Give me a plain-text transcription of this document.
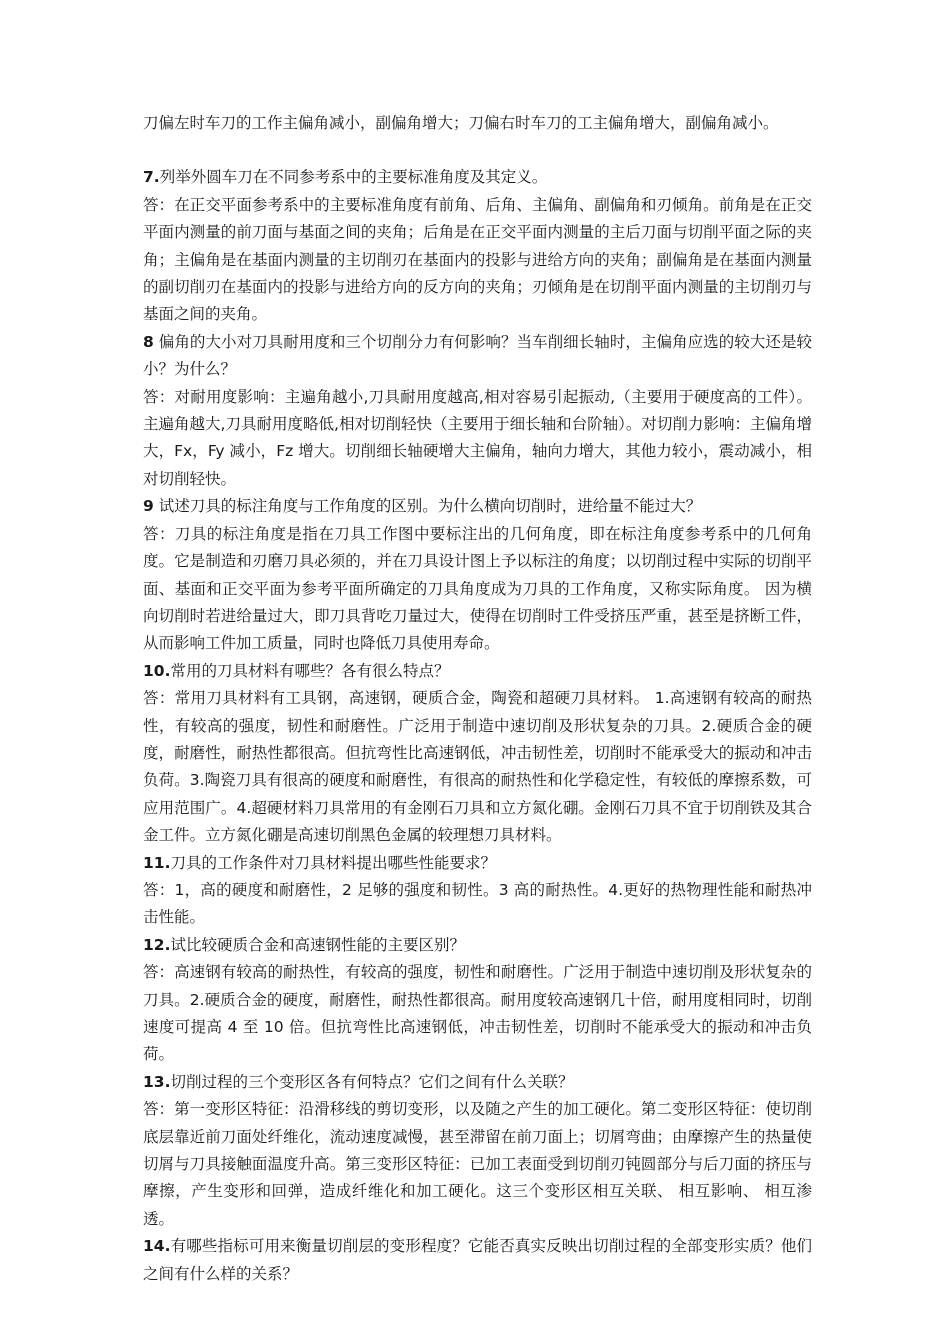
刀偏左时车刀的工作主偏角减小，副偏角增大；刀偏右时车刀的工主偏角增大，副偏角减小。

7.列举外圆车刀在不同参考系中的主要标准角度及其定义。

答：在正交平面参考系中的主要标准角度有前角、后角、主偏角、副偏角和刃倾角。前角是在正交平面内测量的前刀面与基面之间的夹角；后角是在正交平面内测量的主后刀面与切削平面之际的夹角；主偏角是在基面内测量的主切削刃在基面内的投影与进给方向的夹角；副偏角是在基面内测量的副切削刃在基面内的投影与进给方向的反方向的夹角；刃倾角是在切削平面内测量的主切削刃与基面之间的夹角。

8 偏角的大小对刀具耐用度和三个切削分力有何影响？当车削细长轴时，主偏角应选的较大还是较小？为什么？

答：对耐用度影响：主遍角越小,刀具耐用度越高,相对容易引起振动,（主要用于硬度高的工件）。主遍角越大,刀具耐用度略低,相对切削轻快（主要用于细长轴和台阶轴）。对切削力影响：主偏角增大，Fx，Fy 减小，Fz 增大。切削细长轴硬增大主偏角，轴向力增大，其他力较小，震动减小，相对切削轻快。

9 试述刀具的标注角度与工作角度的区别。为什么横向切削时，进给量不能过大？

答：刀具的标注角度是指在刀具工作图中要标注出的几何角度，即在标注角度参考系中的几何角度。它是制造和刃磨刀具必须的，并在刀具设计图上予以标注的角度；以切削过程中实际的切削平面、基面和正交平面为参考平面所确定的刀具角度成为刀具的工作角度，又称实际角度。 因为横向切削时若进给量过大，即刀具背吃刀量过大，使得在切削时工件受挤压严重，甚至是挤断工件，从而影响工件加工质量，同时也降低刀具使用寿命。

10.常用的刀具材料有哪些？各有很么特点？

答：常用刀具材料有工具钢，高速钢，硬质合金，陶瓷和超硬刀具材料。 1.高速钢有较高的耐热性，有较高的强度，韧性和耐磨性。广泛用于制造中速切削及形状复杂的刀具。2.硬质合金的硬度，耐磨性，耐热性都很高。但抗弯性比高速钢低，冲击韧性差，切削时不能承受大的振动和冲击负荷。3.陶瓷刀具有很高的硬度和耐磨性，有很高的耐热性和化学稳定性，有较低的摩擦系数，可应用范围广。4.超硬材料刀具常用的有金刚石刀具和立方氮化硼。金刚石刀具不宜于切削铁及其合金工件。立方氮化硼是高速切削黑色金属的较理想刀具材料。

11.刀具的工作条件对刀具材料提出哪些性能要求？

答：1，高的硬度和耐磨性，2 足够的强度和韧性。3 高的耐热性。4.更好的热物理性能和耐热冲击性能。

12.试比较硬质合金和高速钢性能的主要区别？

答：高速钢有较高的耐热性，有较高的强度，韧性和耐磨性。广泛用于制造中速切削及形状复杂的刀具。2.硬质合金的硬度，耐磨性，耐热性都很高。耐用度较高速钢几十倍，耐用度相同时，切削速度可提高 4 至 10 倍。但抗弯性比高速钢低，冲击韧性差，切削时不能承受大的振动和冲击负荷。

13.切削过程的三个变形区各有何特点？它们之间有什么关联？

答：第一变形区特征：沿滑移线的剪切变形，以及随之产生的加工硬化。第二变形区特征：使切削底层靠近前刀面处纤维化，流动速度减慢，甚至滞留在前刀面上；切屑弯曲；由摩擦产生的热量使切屑与刀具接触面温度升高。第三变形区特征：已加工表面受到切削刃钝圆部分与后刀面的挤压与摩擦，产生变形和回弹，造成纤维化和加工硬化。这三个变形区相互关联、 相互影响、 相互渗透。

14.有哪些指标可用来衡量切削层的变形程度？它能否真实反映出切削过程的全部变形实质？他们之间有什么样的关系？
